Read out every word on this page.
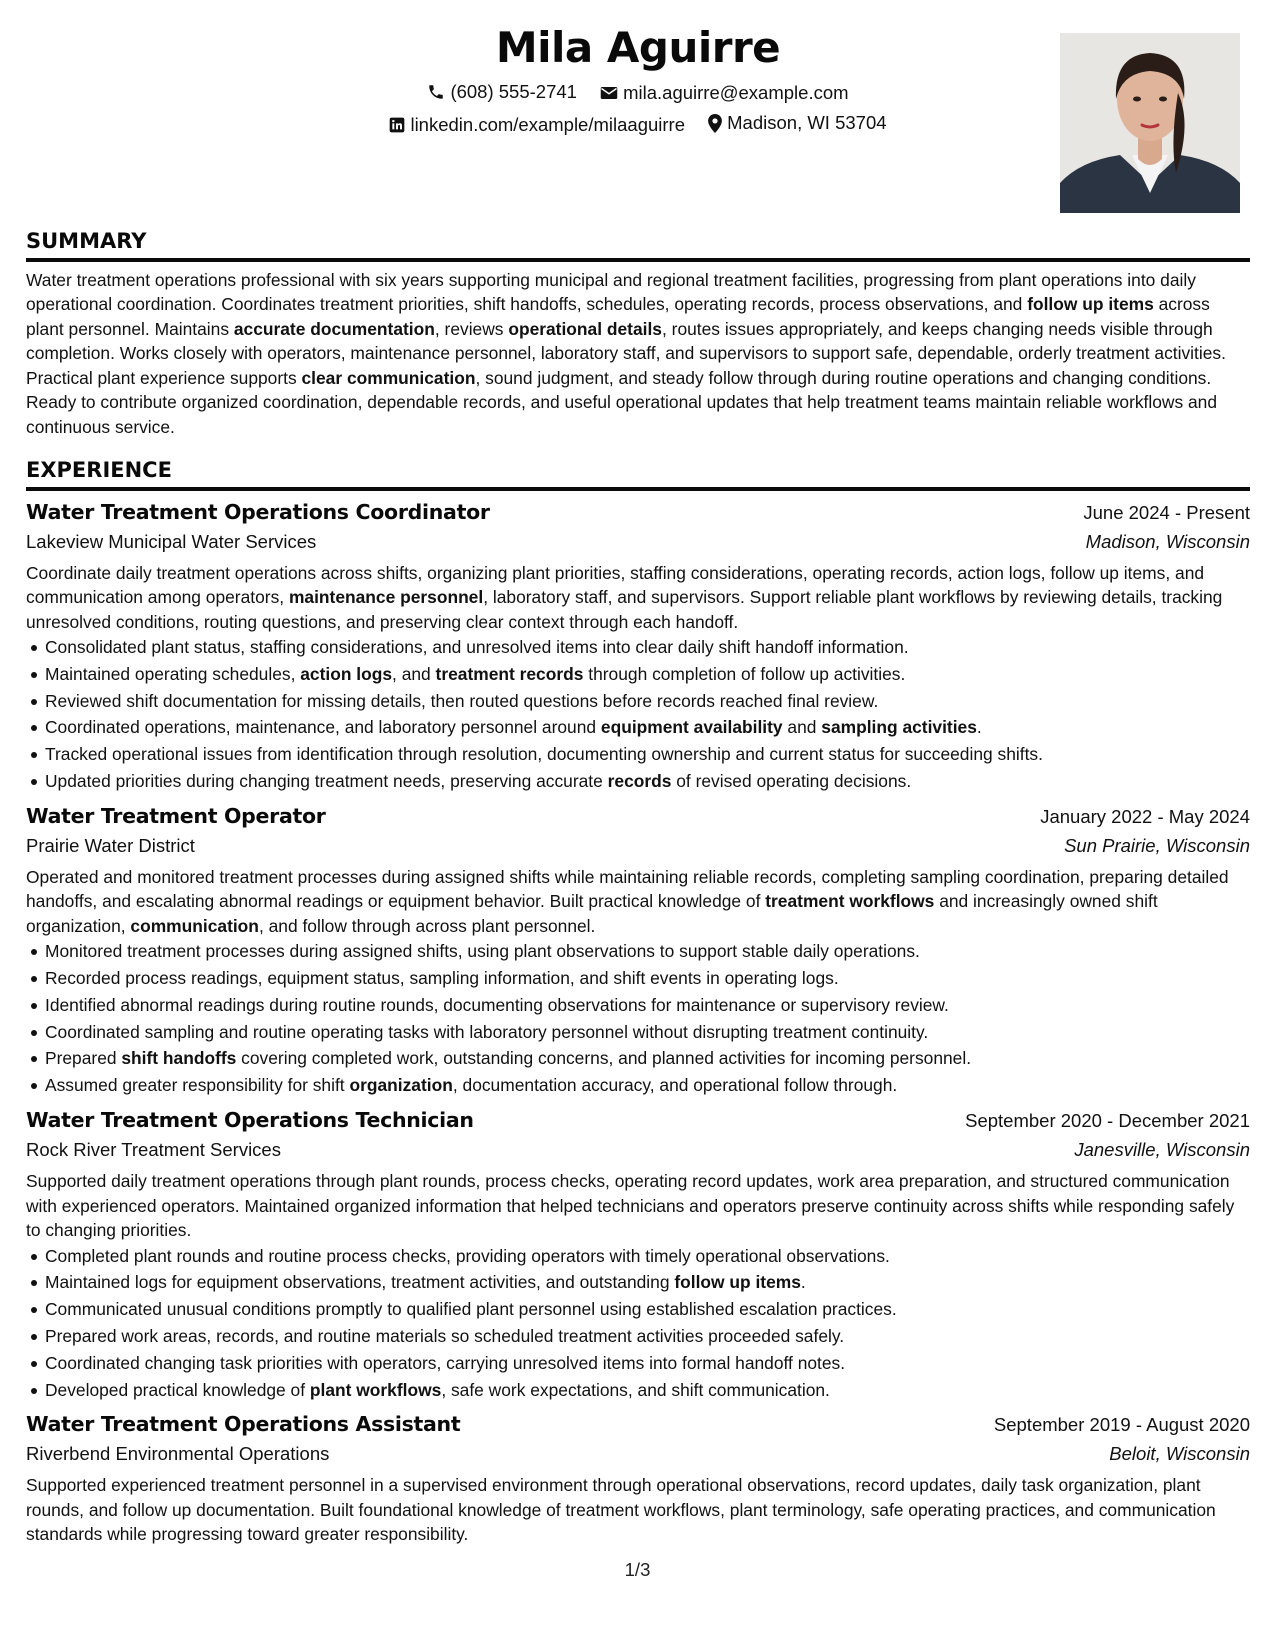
Mila Aguirre
(608) 555-2741
mila.aguirre@example.com
linkedin.com/example/milaaguirre
Madison, WI 53704
SUMMARY

Water treatment operations professional with six years supporting municipal and regional treatment facilities, progressing from plant operations into daily operational coordination. Coordinates treatment priorities, shift handoffs, schedules, operating records, process observations, and follow up items across plant personnel. Maintains accurate documentation, reviews operational details, routes issues appropriately, and keeps changing needs visible through completion. Works closely with operators, maintenance personnel, laboratory staff, and supervisors to support safe, dependable, orderly treatment activities. Practical plant experience supports clear communication, sound judgment, and steady follow through during routine operations and changing conditions. Ready to contribute organized coordination, dependable records, and useful operational updates that help treatment teams maintain reliable workflows and continuous service.

EXPERIENCE
Water Treatment Operations Coordinator	June 2024 - Present
Lakeview Municipal Water Services	Madison, Wisconsin

Coordinate daily treatment operations across shifts, organizing plant priorities, staffing considerations, operating records, action logs, follow up items, and communication among operators, maintenance personnel, laboratory staff, and supervisors. Support reliable plant workflows by reviewing details, tracking unresolved conditions, routing questions, and preserving clear context through each handoff.

Consolidated plant status, staffing considerations, and unresolved items into clear daily shift handoff information.
Maintained operating schedules, action logs, and treatment records through completion of follow up activities.
Reviewed shift documentation for missing details, then routed questions before records reached final review.
Coordinated operations, maintenance, and laboratory personnel around equipment availability and sampling activities.
Tracked operational issues from identification through resolution, documenting ownership and current status for succeeding shifts.
Updated priorities during changing treatment needs, preserving accurate records of revised operating decisions.
Water Treatment Operator	January 2022 - May 2024
Prairie Water District	Sun Prairie, Wisconsin

Operated and monitored treatment processes during assigned shifts while maintaining reliable records, completing sampling coordination, preparing detailed handoffs, and escalating abnormal readings or equipment behavior. Built practical knowledge of treatment workflows and increasingly owned shift organization, communication, and follow through across plant personnel.

Monitored treatment processes during assigned shifts, using plant observations to support stable daily operations.
Recorded process readings, equipment status, sampling information, and shift events in operating logs.
Identified abnormal readings during routine rounds, documenting observations for maintenance or supervisory review.
Coordinated sampling and routine operating tasks with laboratory personnel without disrupting treatment continuity.
Prepared shift handoffs covering completed work, outstanding concerns, and planned activities for incoming personnel.
Assumed greater responsibility for shift organization, documentation accuracy, and operational follow through.
Water Treatment Operations Technician	September 2020 - December 2021
Rock River Treatment Services	Janesville, Wisconsin

Supported daily treatment operations through plant rounds, process checks, operating record updates, work area preparation, and structured communication with experienced operators. Maintained organized information that helped technicians and operators preserve continuity across shifts while responding safely to changing priorities.

Completed plant rounds and routine process checks, providing operators with timely operational observations.
Maintained logs for equipment observations, treatment activities, and outstanding follow up items.
Communicated unusual conditions promptly to qualified plant personnel using established escalation practices.
Prepared work areas, records, and routine materials so scheduled treatment activities proceeded safely.
Coordinated changing task priorities with operators, carrying unresolved items into formal handoff notes.
Developed practical knowledge of plant workflows, safe work expectations, and shift communication.
Water Treatment Operations Assistant	September 2019 - August 2020
Riverbend Environmental Operations	Beloit, Wisconsin

Supported experienced treatment personnel in a supervised environment through operational observations, record updates, daily task organization, plant rounds, and follow up documentation. Built foundational knowledge of treatment workflows, plant terminology, safe operating practices, and communication standards while progressing toward greater responsibility.

1/3
